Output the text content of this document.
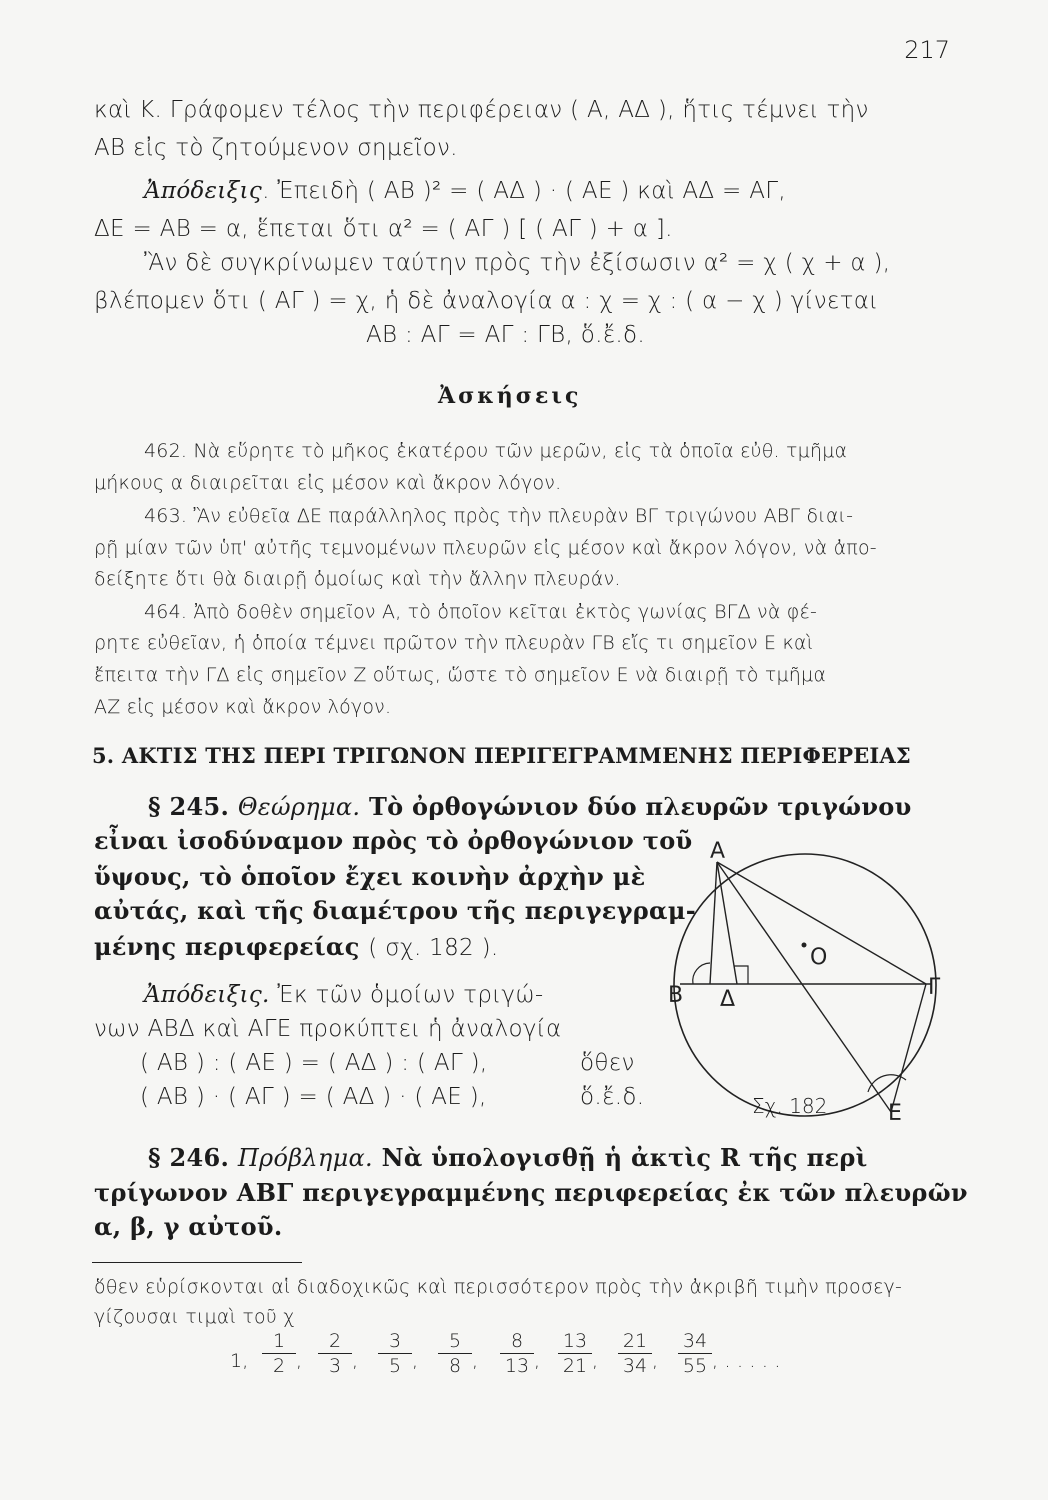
217
καὶ Κ. Γράφομεν τέλος τὴν περιφέρειαν ( Α, ΑΔ ), ἥτις τέμνει τὴν
ΑΒ εἰς τὸ ζητούμενον σημεῖον.
Ἀπόδειξις. Ἐπειδὴ ( ΑΒ )² = ( ΑΔ ) · ( ΑΕ ) καὶ ΑΔ = ΑΓ,
ΔΕ = ΑΒ = α, ἕπεται ὅτι α² = ( ΑΓ ) [ ( ΑΓ ) + α ].
Ἂν δὲ συγκρίνωμεν ταύτην πρὸς τὴν ἐξίσωσιν α² = χ ( χ + α ),
βλέπομεν ὅτι ( ΑΓ ) = χ, ἡ δὲ ἀναλογία α : χ = χ : ( α − χ ) γίνεται
ΑΒ : ΑΓ = ΑΓ : ΓΒ, ὅ.ἔ.δ.
Ἀσκήσεις
462. Νὰ εὕρητε τὸ μῆκος ἑκατέρου τῶν μερῶν, εἰς τὰ ὁποῖα εὐθ. τμῆμα
μήκους α διαιρεῖται εἰς μέσον καὶ ἄκρον λόγον.
463. Ἂν εὐθεῖα ΔΕ παράλληλος πρὸς τὴν πλευρὰν ΒΓ τριγώνου ΑΒΓ διαι-
ρῇ μίαν τῶν ὑπ' αὐτῆς τεμνομένων πλευρῶν εἰς μέσον καὶ ἄκρον λόγον, νὰ ἀπο-
δείξητε ὅτι θὰ διαιρῇ ὁμοίως καὶ τὴν ἄλλην πλευράν.
464. Ἀπὸ δοθὲν σημεῖον Α, τὸ ὁποῖον κεῖται ἐκτὸς γωνίας ΒΓΔ νὰ φέ-
ρητε εὐθεῖαν, ἡ ὁποία τέμνει πρῶτον τὴν πλευρὰν ΓΒ εἴς τι σημεῖον Ε καὶ
ἔπειτα τὴν ΓΔ εἰς σημεῖον Ζ οὕτως, ὥστε τὸ σημεῖον Ε νὰ διαιρῇ τὸ τμῆμα
ΑΖ εἰς μέσον καὶ ἄκρον λόγον.
5. ΑΚΤΙΣ ΤΗΣ ΠΕΡΙ ΤΡΙΓΩΝΟΝ ΠΕΡΙΓΕΓΡΑΜΜΕΝΗΣ ΠΕΡΙΦΕΡΕΙΑΣ
§ 245. Θεώρημα. Τὸ ὀρθογώνιον δύο πλευρῶν τριγώνου
εἶναι ἰσοδύναμον πρὸς τὸ ὀρθογώνιον τοῦ
ὕψους, τὸ ὁποῖον ἔχει κοινὴν ἀρχὴν μὲ
αὐτάς, καὶ τῆς διαμέτρου τῆς περιγεγραμ-
μένης περιφερείας ( σχ. 182 ).
Ἀπόδειξις. Ἐκ τῶν ὁμοίων τριγώ-
νων ΑΒΔ καὶ ΑΓΕ προκύπτει ἡ ἀναλογία
( ΑΒ ) : ( ΑΕ ) = ( ΑΔ ) : ( ΑΓ ),	ὅθεν
( ΑΒ ) · ( ΑΓ ) = ( ΑΔ ) · ( ΑΕ ),	ὅ.ἔ.δ.
Α
Ο
Β Δ	Γ
Ε
Σχ. 182
§ 246. Πρόβλημα. Νὰ ὑπολογισθῇ ἡ ἀκτὶς R τῆς περὶ
τρίγωνον ΑΒΓ περιγεγραμμένης περιφερείας ἐκ τῶν πλευρῶν
α, β, γ αὐτοῦ.
ὅθεν εὑρίσκονται αἱ διαδοχικῶς καὶ περισσότερον πρὸς τὴν ἀκριβῆ τιμὴν προσεγ-
γίζουσαι τιμαὶ τοῦ χ
1,
1
2 ,
2
3 ,
3
5 ,
5
8 ,
8
13 ,
13
21 ,
21
34 ,
34
55 , . . . . .
